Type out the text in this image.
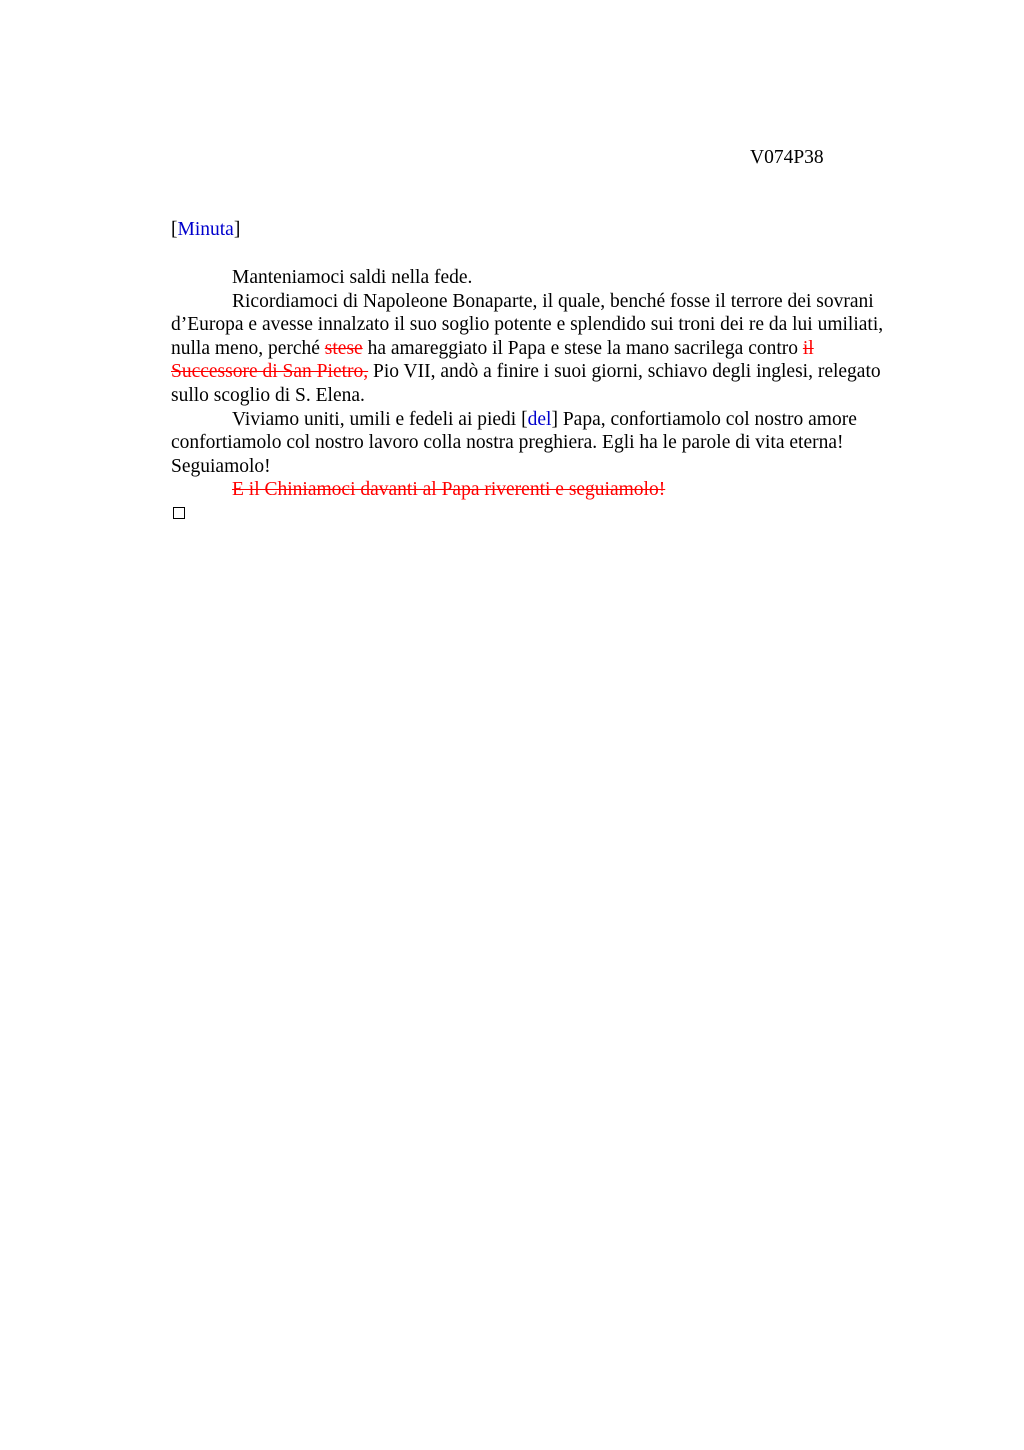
V074P38
[Minuta]

Manteniamoci saldi nella fede.

Ricordiamoci di Napoleone Bonaparte, il quale, benché fosse il terrore dei sovrani
d’Europa e avesse innalzato il suo soglio potente e splendido sui troni dei re da lui umiliati,
nulla meno, perché stese ha amareggiato il Papa e stese la mano sacrilega contro il
Successore di San Pietro, Pio VII, andò a finire i suoi giorni, schiavo degli inglesi, relegato
sullo scoglio di S. Elena.

Viviamo uniti, umili e fedeli ai piedi [del] Papa, confortiamolo col nostro amore
confortiamolo col nostro lavoro colla nostra preghiera. Egli ha le parole di vita eterna!
Seguiamolo!

E il Chiniamoci davanti al Papa riverenti e seguiamolo!
